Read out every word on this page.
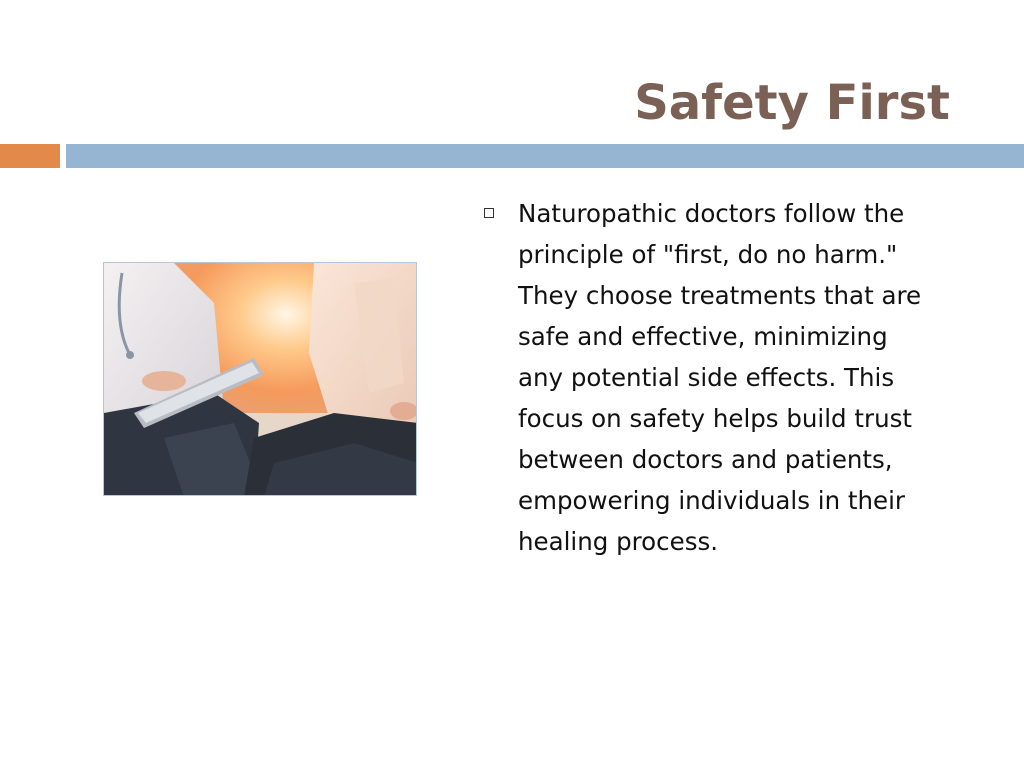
Safety First
Naturopathic doctors follow the principle of "first, do no harm." They choose treatments that are safe and effective, minimizing any potential side effects. This focus on safety helps build trust between doctors and patients, empowering individuals in their healing process.
